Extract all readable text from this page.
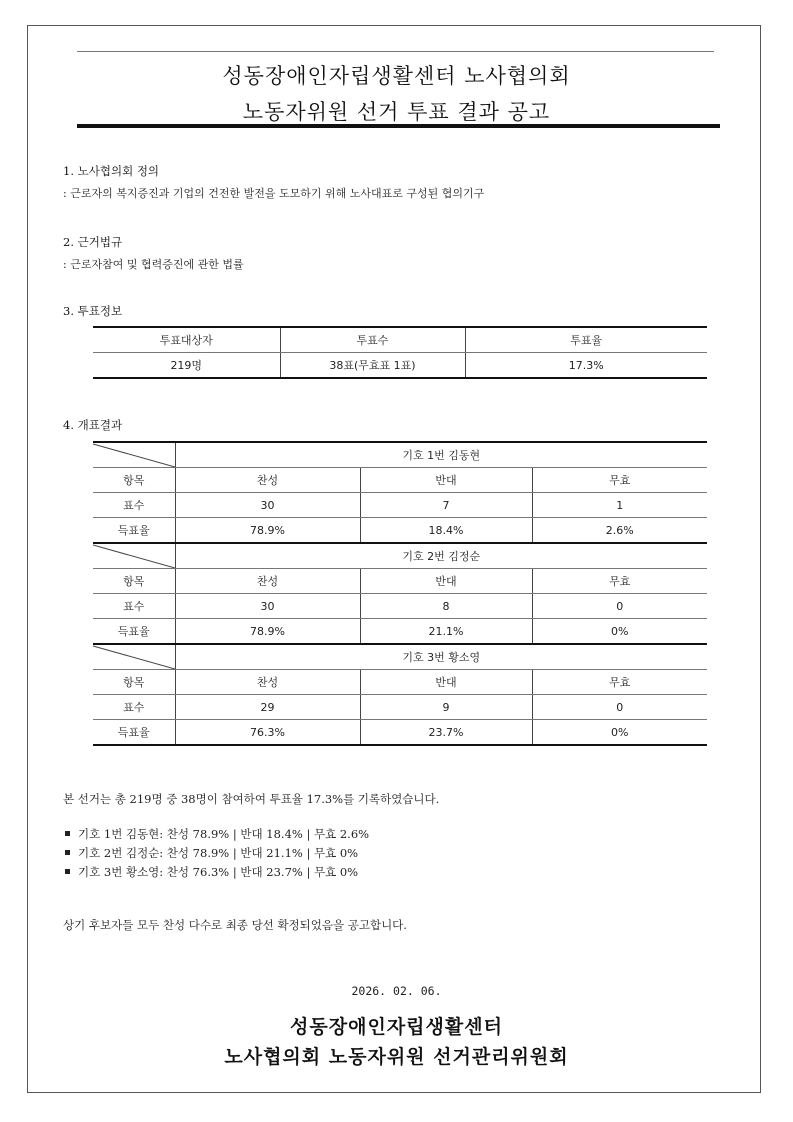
성동장애인자립생활센터 노사협의회
노동자위원 선거 투표 결과 공고
1. 노사협의회 정의
: 근로자의 복지증진과 기업의 건전한 발전을 도모하기 위해 노사대표로 구성된 협의기구
2. 근거법규
: 근로자참여 및 협력증진에 관한 법률
3. 투표정보
투표대상자	투표수	투표율
219명	38표(무효표 1표)	17.3%
4. 개표결과
	기호 1번 김동현		
항목	찬성	반대	무효
표수	30	7	1
득표율	78.9%	18.4%	2.6%

	기호 2번 김정순		
항목	찬성	반대	무효
표수	30	8	0
득표율	78.9%	21.1%	0%

	기호 3번 황소영		
항목	찬성	반대	무효
표수	29	9	0
득표율	76.3%	23.7%	0%
본 선거는 총 219명 중 38명이 참여하여 투표율 17.3%를 기록하였습니다.
기호 1번 김동현: 찬성 78.9% | 반대 18.4% | 무효 2.6%
기호 2번 김정순: 찬성 78.9% | 반대 21.1% | 무효 0%
기호 3번 황소영: 찬성 76.3% | 반대 23.7% | 무효 0%
상기 후보자들 모두 찬성 다수로 최종 당선 확정되었음을 공고합니다.
2026. 02. 06.
성동장애인자립생활센터
노사협의회 노동자위원 선거관리위원회
